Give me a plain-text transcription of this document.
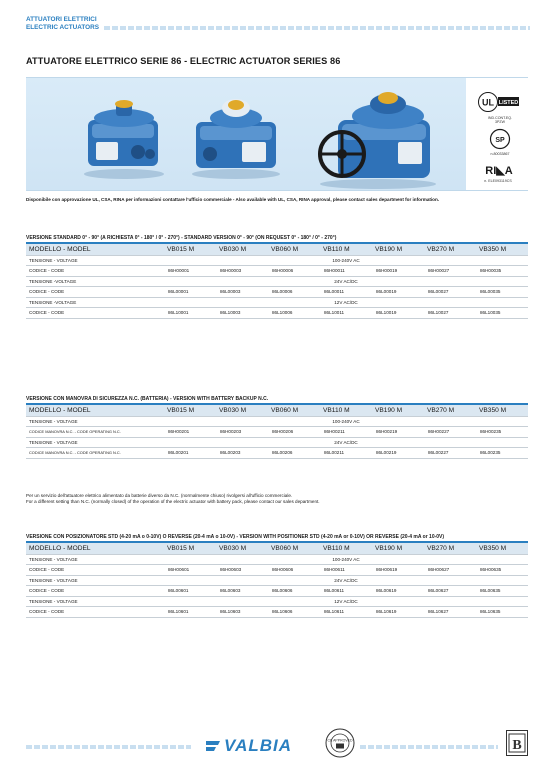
ATTUATORI ELETTRICI
ELECTRIC ACTUATORS
ATTUATORE ELETTRICO SERIE 86 - ELECTRIC ACTUATOR SERIES 86
UL LISTED
IND.CONT.EQ.
3PZW
SP
n.80033867
RI◣A
n. ELE093119CS
Disponibile con approvazione UL, CSA, RINA per informazioni contattare l'ufficio commerciale - Also available with UL, CSA, RINA approval, please contact sales department for information.
VERSIONE STANDARD 0° - 90° (A RICHIESTA 0° - 180° / 0° - 270°) - STANDARD VERSION 0° - 90° (ON REQUEST 0° - 180° / 0° - 270°)
MODELLO - MODEL	VB015 M	VB030 M	VB060 M	VB110 M	VB190 M	VB270 M	VB350 M
TENSIONE - VOLTAGE	100-240V AC						
CODICE - CODE	86H00001	86H00003	86H00006	86H00011	86H00019	86H00027	86H00035
TENSIONE -VOLTAGE	24V AC/DC						
CODICE - CODE	86L00001	86L00003	86L00006	86L00011	86L00019	86L00027	86L00035
TENSIONE -VOLTAGE	12V AC/DC						
CODICE - CODE	86L10001	86L10003	86L10006	86L10011	86L10019	86L10027	86L10035
VERSIONE CON MANOVRA DI SICUREZZA N.C. (BATTERIA) - VERSION WITH BATTERY BACKUP N.C.
MODELLO - MODEL	VB015 M	VB030 M	VB060 M	VB110 M	VB190 M	VB270 M	VB350 M
TENSIONE - VOLTAGE	100-240V AC						
CODICE MANOVRA N.C. - CODE OPERATING N.C.	86H00201	86H00203	86H00206	86H00211	86H00219	86H00227	86H00235
TENSIONE - VOLTAGE	24V AC/DC						
CODICE MANOVRA N.C. - CODE OPERATING N.C.	86L00201	86L00203	86L00206	86L00211	86L00219	86L00227	86L00235
Per un servizio dell'attuatore elettrico alimentato da batterie diverso da N.C. (normalmente chiuso) rivolgersi all'ufficio commerciale.
For a different setting than N.C. (normally closed) of the operation of the electric actuator with battery pack, please contact our sales department.
VERSIONE CON POSIZIONATORE STD (4-20 mA o 0-10V) O REVERSE (20-4 mA o 10-0V) - VERSION WITH POSITIONER STD (4-20 mA or 0-10V) OR REVERSE (20-4 mA or 10-0V)
MODELLO - MODEL	VB015 M	VB030 M	VB060 M	VB110 M	VB190 M	VB270 M	VB350 M
TENSIONE - VOLTAGE	100-240V AC						
CODICE - CODE	86H00601	86H00603	86H00606	86H00611	86H00619	86H00627	86H00635
TENSIONE - VOLTAGE	24V AC/DC						
CODICE - CODE	86L00601	86L00603	86L00606	86L00611	86L00619	86L00627	86L00635
TENSIONE - VOLTAGE	12V AC/DC						
CODICE - CODE	86L10601	86L10603	86L10606	86L10611	86L10619	86L10627	86L10635
VALBIA	CE APPROVED	B
